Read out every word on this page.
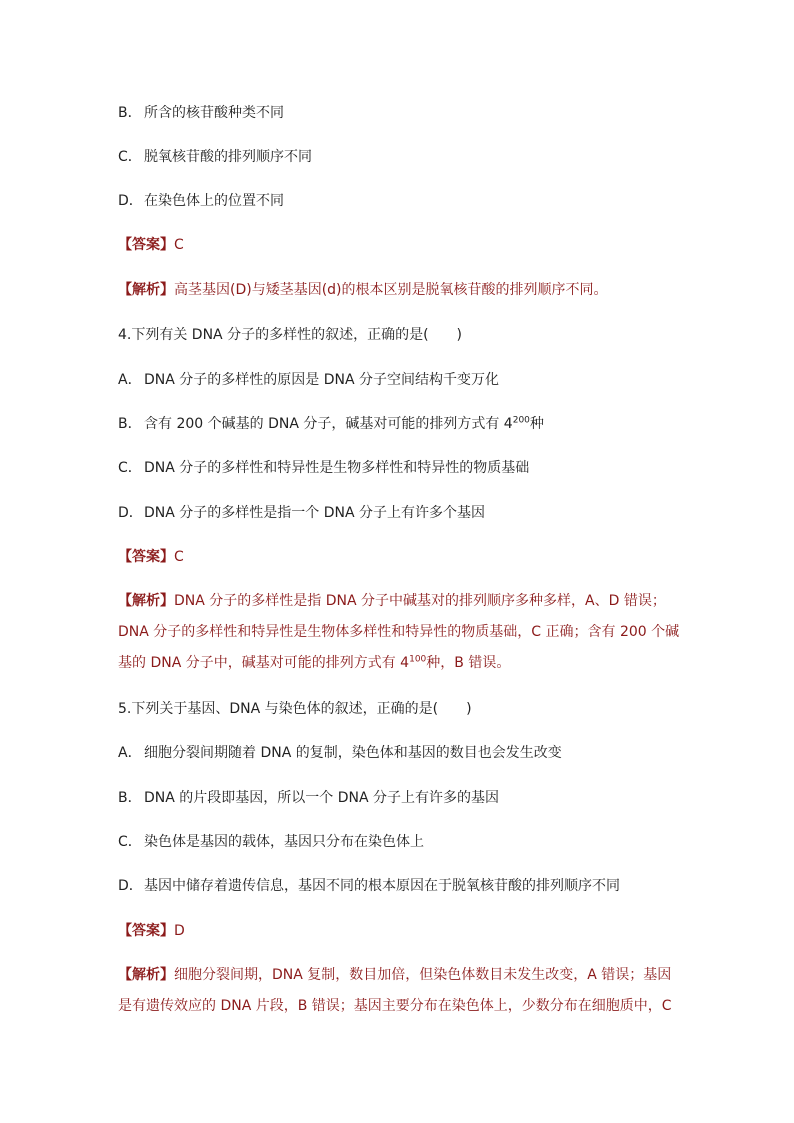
B． 所含的核苷酸种类不同
C． 脱氧核苷酸的排列顺序不同
D．在染色体上的位置不同
【答案】C
【解析】高茎基因(D)与矮茎基因(d)的根本区别是脱氧核苷酸的排列顺序不同。
4.下列有关 DNA 分子的多样性的叙述，正确的是(　　)
A． DNA 分子的多样性的原因是 DNA 分子空间结构千变万化
B． 含有 200 个碱基的 DNA 分子，碱基对可能的排列方式有 $4^{200}$种
C． DNA 分子的多样性和特异性是生物多样性和特异性的物质基础
D．DNA 分子的多样性是指一个 DNA 分子上有许多个基因
【答案】C
【解析】DNA 分子的多样性是指 DNA 分子中碱基对的排列顺序多种多样，A、D 错误；DNA 分子的多样性和特异性是生物体多样性和特异性的物质基础，C 正确；含有 200 个碱基的 DNA 分子中，碱基对可能的排列方式有 $4^{100}$种，B 错误。
5.下列关于基因、DNA 与染色体的叙述，正确的是(　　)
A． 细胞分裂间期随着 DNA 的复制，染色体和基因的数目也会发生改变
B． DNA 的片段即基因，所以一个 DNA 分子上有许多的基因
C． 染色体是基因的载体，基因只分布在染色体上
D．基因中储存着遗传信息，基因不同的根本原因在于脱氧核苷酸的排列顺序不同
【答案】D
【解析】细胞分裂间期，DNA 复制，数目加倍，但染色体数目未发生改变，A 错误；基因是有遗传效应的 DNA 片段，B 错误；基因主要分布在染色体上，少数分布在细胞质中，C
